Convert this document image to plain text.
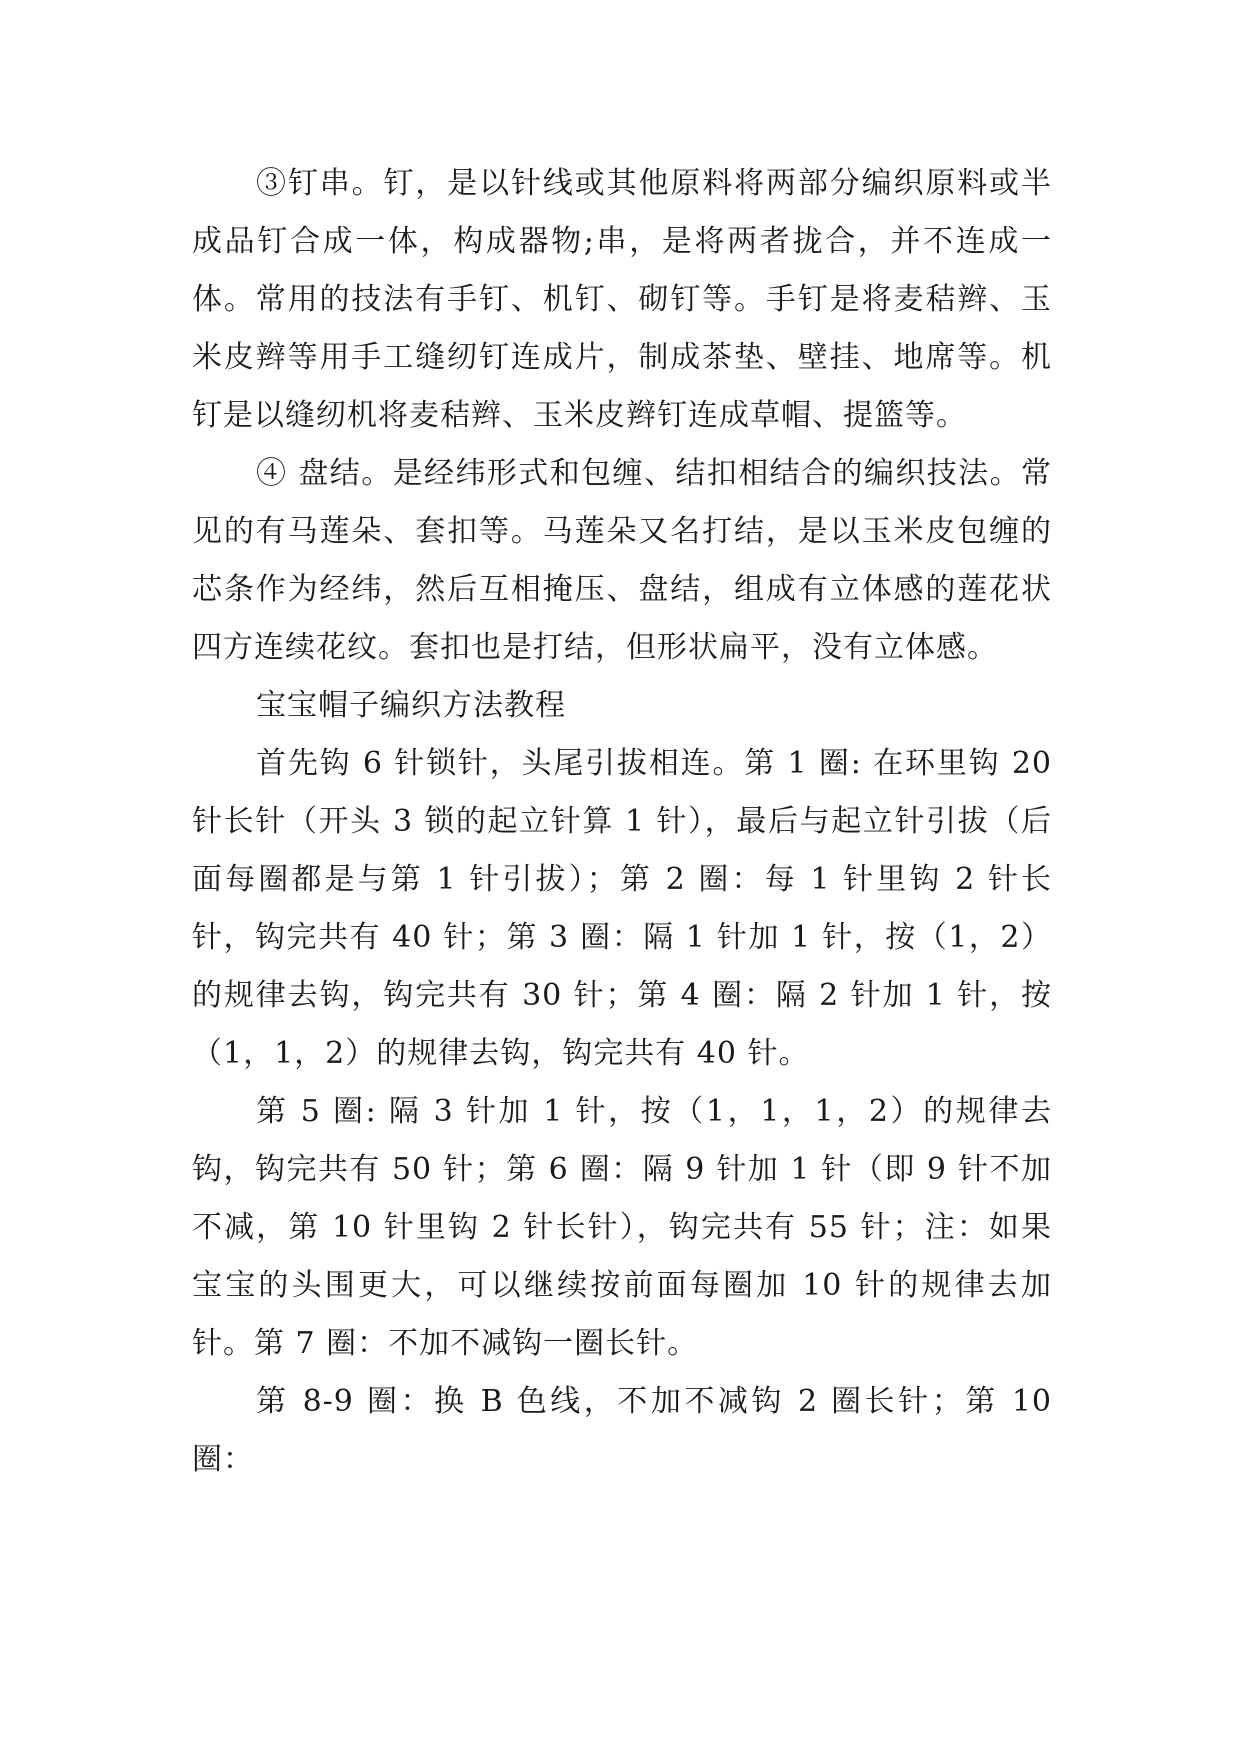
③钉串。钉，是以针线或其他原料将两部分编织原料或半成品钉合成一体，构成器物;串，是将两者拢合，并不连成一体。常用的技法有手钉、机钉、砌钉等。手钉是将麦秸辫、玉米皮辫等用手工缝纫钉连成片，制成茶垫、壁挂、地席等。机钉是以缝纫机将麦秸辫、玉米皮辫钉连成草帽、提篮等。

④ 盘结。是经纬形式和包缠、结扣相结合的编织技法。常见的有马莲朵、套扣等。马莲朵又名打结，是以玉米皮包缠的芯条作为经纬，然后互相掩压、盘结，组成有立体感的莲花状四方连续花纹。套扣也是打结，但形状扁平，没有立体感。

宝宝帽子编织方法教程

首先钩 6 针锁针，头尾引拔相连。第 1 圈: 在环里钩 20 针长针（开头 3 锁的起立针算 1 针），最后与起立针引拔（后面每圈都是与第 1 针引拔）；第 2 圈：每 1 针里钩 2 针长针，钩完共有 40 针；第 3 圈：隔 1 针加 1 针，按（1，2）的规律去钩，钩完共有 30 针；第 4 圈：隔 2 针加 1 针，按（1，1，2）的规律去钩，钩完共有 40 针。

第 5 圈: 隔 3 针加 1 针，按（1，1，1，2）的规律去钩，钩完共有 50 针；第 6 圈：隔 9 针加 1 针（即 9 针不加不减，第 10 针里钩 2 针长针），钩完共有 55 针；注：如果宝宝的头围更大，可以继续按前面每圈加 10 针的规律去加针。第 7 圈：不加不减钩一圈长针。

第 8-9 圈：换 B 色线，不加不减钩 2 圈长针；第 10 圈：
